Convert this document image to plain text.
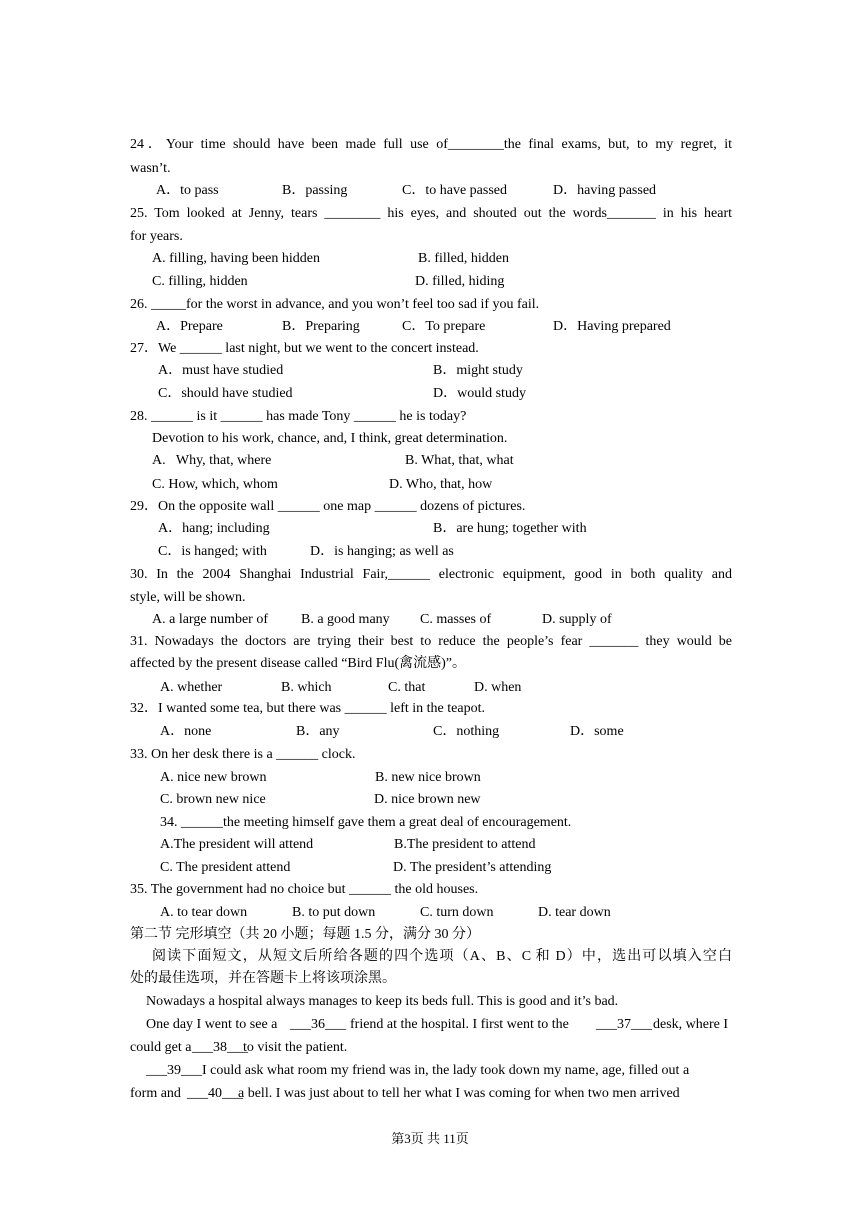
24．Your time should have been made full use of________the final exams, but, to my regret, it
wasn’t.
A．to pass	B．passing	C．to have passed	D．having passed
25. Tom looked at Jenny, tears ________ his eyes, and shouted out the words_______ in his heart
for years.
A. filling, having been hidden	B. filled, hidden
C. filling, hidden	D. filled, hiding
26. _____for the worst in advance, and you won’t feel too sad if you fail.
A．Prepare	B．Preparing	C．To prepare	D．Having prepared
27．We ______ last night, but we went to the concert instead.
A．must have studied	B．might study
C．should have studied	D．would study
28. ______ is it ______ has made Tony ______ he is today?
Devotion to his work, chance, and, I think, great determination.
A.   Why, that, where	B. What, that, what
C. How, which, whom	D. Who, that, how
29．On the opposite wall ______ one map ______ dozens of pictures.
A．hang; including	B．are hung; together with
C．is hanged; with	D．is hanging; as well as
30. In the 2004 Shanghai Industrial Fair,______ electronic equipment, good in both quality and
style, will be shown.
A. a large number of B. a good many C. masses of	D. supply of
31. Nowadays the doctors are trying their best to reduce the people’s fear _______ they would be
affected by the present disease called “Bird Flu(禽流感)”。
A. whether	B. which	C. that	D. when
32．I wanted some tea, but there was ______ left in the teapot.
A．none	B．any	C．nothing	D．some
33. On her desk there is a ______ clock.
A. nice new brown	B. new nice brown
C. brown new nice	D. nice brown new
34. ______the meeting himself gave them a great deal of encouragement.
A.The president will attend	B.The president to attend
C. The president attend	D. The president’s attending
35. The government had no choice but ______ the old houses.
A. to tear down	B. to put down	C. turn down	D. tear down
第二节 完形填空（共 20 小题；每题 1.5 分，满分 30 分）
阅读下面短文，从短文后所给各题的四个选项（A、B、C 和 D）中，选出可以填入空白
处的最佳选项，并在答题卡上将该项涂黑。
Nowadays a hospital always manages to keep its beds full. This is good and it’s bad.
One day I went to see a ___36___ friend at the hospital. I first went to the ___37___ desk, where I
could get a ___38___
to visit the patient.
___39___ I could ask what room my friend was in, the lady took down my name, age, filled out a
form and ___40___
a bell. I was just about to tell her what I was coming for when two men arrived
第3页 共 11页
